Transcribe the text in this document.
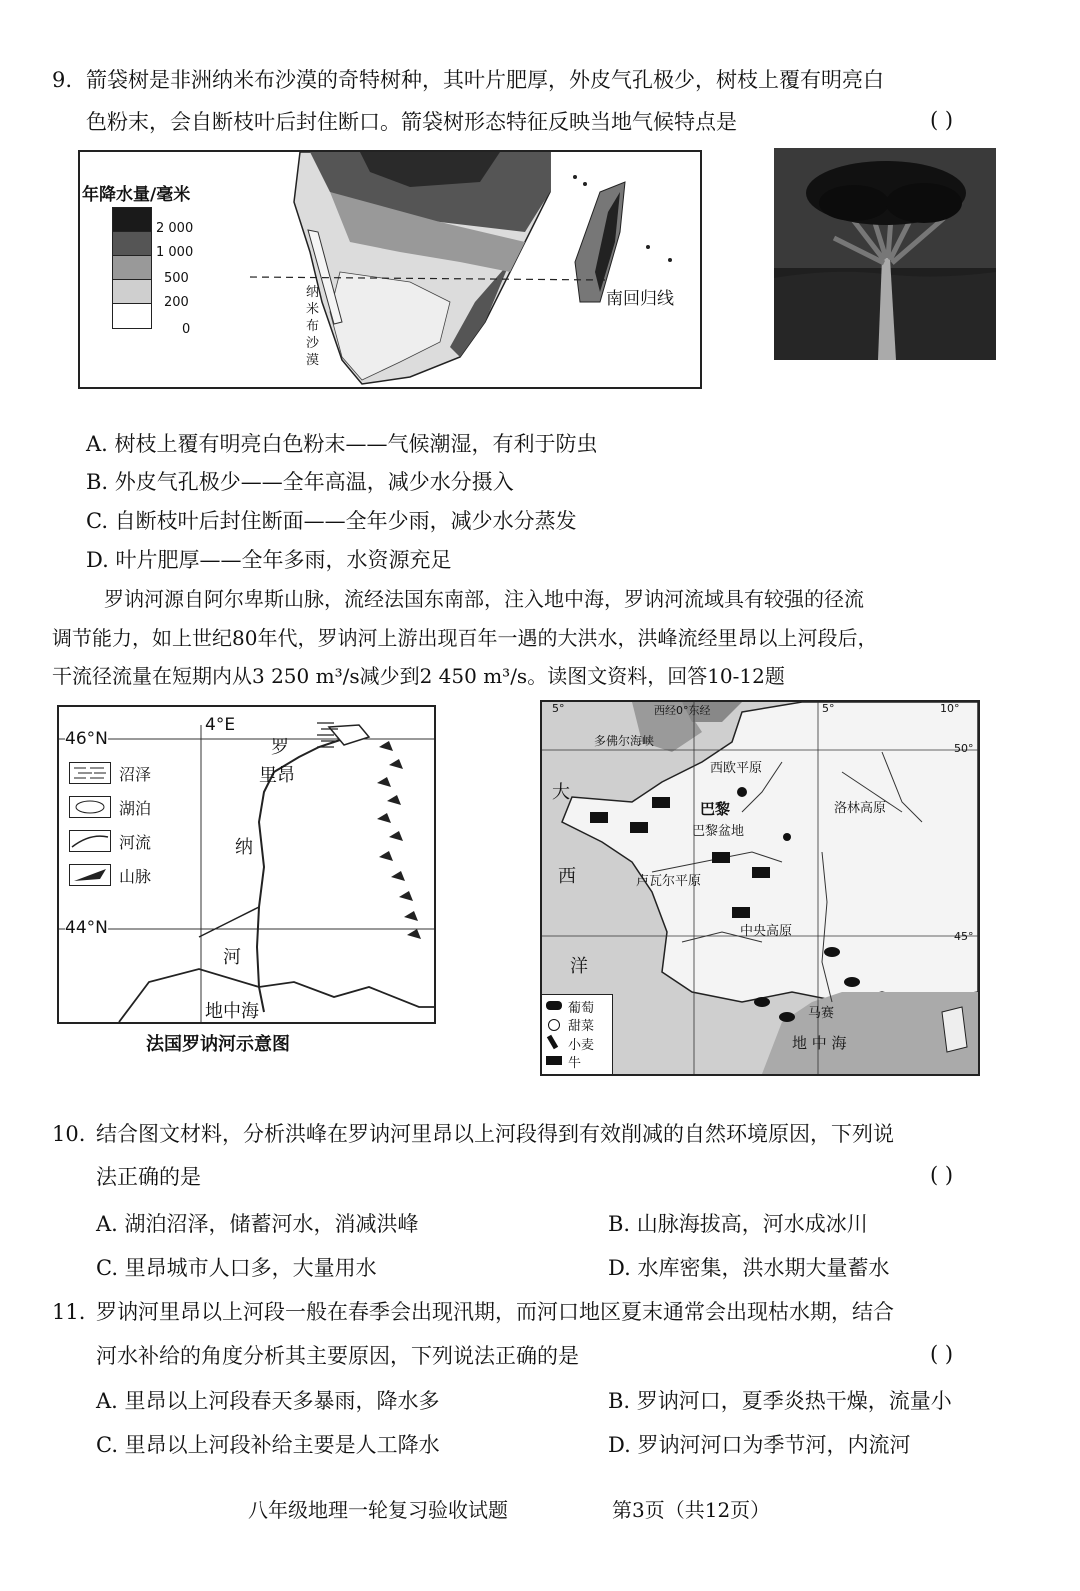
9. 箭袋树是非洲纳米布沙漠的奇特树种，其叶片肥厚，外皮气孔极少，树枝上覆有明亮白
色粉末，会自断枝叶后封住断口。箭袋树形态特征反映当地气候特点是	( )
年降水量/毫米
2 000
1 000
500
200
0
南回归线
纳
米
布
沙
漠
A. 树枝上覆有明亮白色粉末——气候潮湿，有利于防虫
B. 外皮气孔极少——全年高温，减少水分摄入
C. 自断枝叶后封住断面——全年少雨，减少水分蒸发
D. 叶片肥厚——全年多雨，水资源充足
罗讷河源自阿尔卑斯山脉，流经法国东南部，注入地中海，罗讷河流域具有较强的径流
调节能力，如上世纪80年代，罗讷河上游出现百年一遇的大洪水，洪峰流经里昂以上河段后，
干流径流量在短期内从3 250 m³/s减少到2 450 m³/s。读图文资料，回答10-12题
4°E
46°N
44°N
沼泽
湖泊
河流
山脉
罗
里昂
纳
河
地中海
法国罗讷河示意图
5°	西经0°东经	5°	10°
50°
45°
多佛尔海峡
西欧平原
巴黎
巴黎盆地
洛林高原
卢瓦尔平原
中央高原
马赛
大
西
洋
地 中 海
葡萄
甜菜
小麦
牛
10. 结合图文材料，分析洪峰在罗讷河里昂以上河段得到有效削减的自然环境原因，下列说
法正确的是	( )
A. 湖泊沼泽，储蓄河水，消减洪峰	B. 山脉海拔高，河水成冰川
C. 里昂城市人口多，大量用水	D. 水库密集，洪水期大量蓄水
11. 罗讷河里昂以上河段一般在春季会出现汛期，而河口地区夏末通常会出现枯水期，结合
河水补给的角度分析其主要原因，下列说法正确的是	( )
A. 里昂以上河段春天多暴雨，降水多	B. 罗讷河口，夏季炎热干燥，流量小
C. 里昂以上河段补给主要是人工降水	D. 罗讷河河口为季节河，内流河
八年级地理一轮复习验收试题	第3页（共12页）
